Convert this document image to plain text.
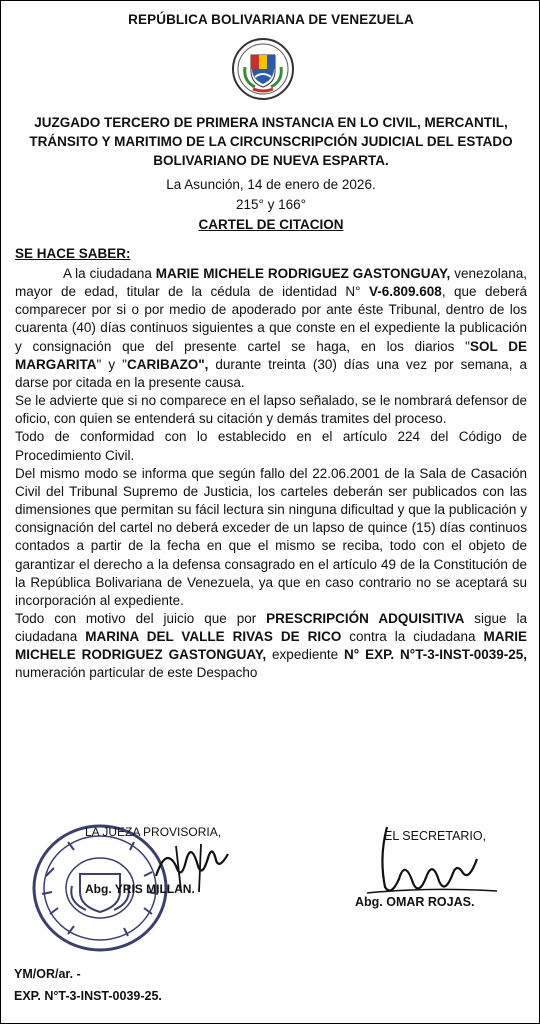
REPÚBLICA BOLIVARIANA DE VENEZUELA
JUZGADO TERCERO DE PRIMERA INSTANCIA EN LO CIVIL, MERCANTIL,
TRÁNSITO Y MARITIMO DE LA CIRCUNSCRIPCIÓN JUDICIAL DEL ESTADO
BOLIVARIANO DE NUEVA ESPARTA.
La Asunción, 14 de enero de 2026.
215° y 166°
CARTEL DE CITACION
SE HACE SABER:

A la ciudadana MARIE MICHELE RODRIGUEZ GASTONGUAY, venezolana, mayor de edad, titular de la cédula de identidad N° V-6.809.608, que deberá comparecer por si o por medio de apoderado por ante éste Tribunal, dentro de los cuarenta (40) días continuos siguientes a que conste en el expediente la publicación y consignación que del presente cartel se haga, en los diarios "SOL DE MARGARITA" y "CARIBAZO", durante treinta (30) días una vez por semana, a darse por citada en la presente causa.

Se le advierte que si no comparece en el lapso señalado, se le nombrará defensor de oficio, con quien se entenderá su citación y demás tramites del proceso.

Todo de conformidad con lo establecido en el artículo 224 del Código de Procedimiento Civil.

Del mismo modo se informa que según fallo del 22.06.2001 de la Sala de Casación Civil del Tribunal Supremo de Justicia, los carteles deberán ser publicados con las dimensiones que permitan su fácil lectura sin ninguna dificultad y que la publicación y consignación del cartel no deberá exceder de un lapso de quince (15) días continuos contados a partir de la fecha en que el mismo se reciba, todo con el objeto de garantizar el derecho a la defensa consagrado en el artículo 49 de la Constitución de la República Bolivariana de Venezuela, ya que en caso contrario no se aceptará su incorporación al expediente.

Todo con motivo del juicio que por PRESCRIPCIÓN ADQUISITIVA sigue la ciudadana MARINA DEL VALLE RIVAS DE RICO contra la ciudadana MARIE MICHELE RODRIGUEZ GASTONGUAY, expediente N° EXP. N°T-3-INST-0039-25, numeración particular de este Despacho

LA JUEZA PROVISORIA,
Abg. YRIS MILLAN.
EL SECRETARIO,
Abg. OMAR ROJAS.
YM/OR/ar. -
EXP. N°T-3-INST-0039-25.
